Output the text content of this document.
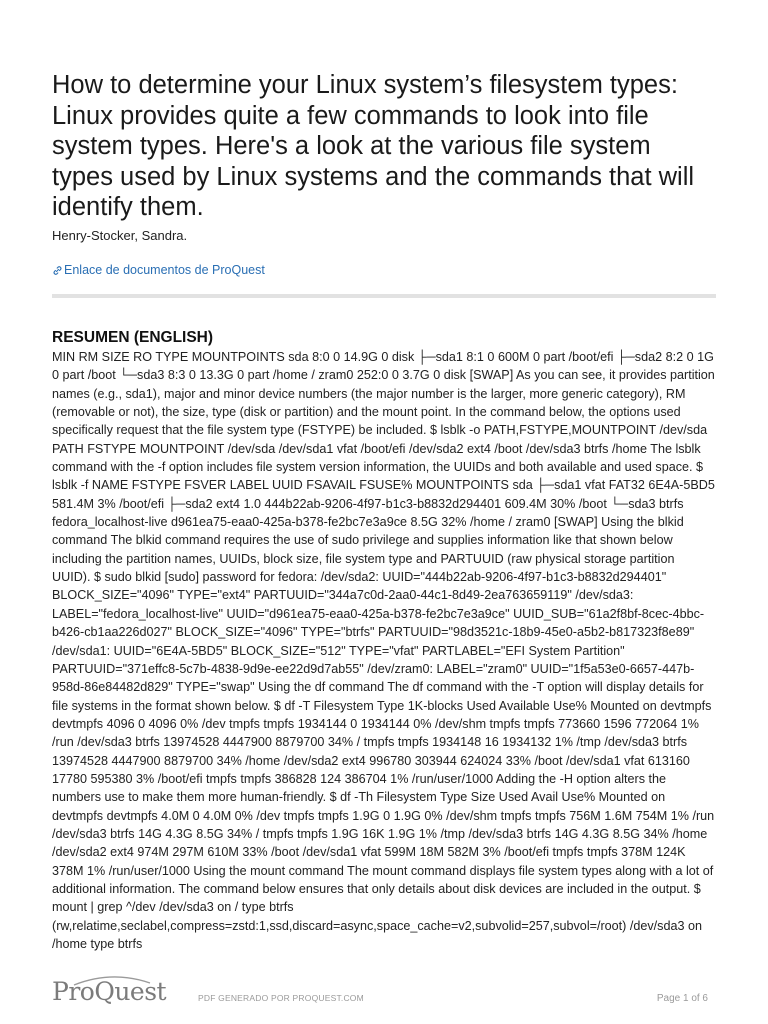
How to determine your Linux system’s filesystem types: Linux provides quite a few commands to look into file system types. Here's a look at the various file system types used by Linux systems and the commands that will identify them.
Henry-Stocker, Sandra.
Enlace de documentos de ProQuest
RESUMEN (ENGLISH)

MIN RM SIZE RO TYPE MOUNTPOINTS sda 8:0 0 14.9G 0 disk ├─sda1 8:1 0 600M 0 part /boot/efi ├─sda2 8:2 0 1G 0 part /boot └─sda3 8:3 0 13.3G 0 part /home / zram0 252:0 0 3.7G 0 disk [SWAP] As you can see, it provides partition names (e.g., sda1), major and minor device numbers (the major number is the larger, more generic category), RM (removable or not), the size, type (disk or partition) and the mount point. In the command below, the options used specifically request that the file system type (FSTYPE) be included. $ lsblk -o PATH,FSTYPE,MOUNTPOINT /dev/sda PATH FSTYPE MOUNTPOINT /dev/sda /dev/sda1 vfat /boot/efi /dev/sda2 ext4 /boot /dev/sda3 btrfs /home The lsblk command with the -f option includes file system version information, the UUIDs and both available and used space. $ lsblk -f NAME FSTYPE FSVER LABEL UUID FSAVAIL FSUSE% MOUNTPOINTS sda ├─sda1 vfat FAT32 6E4A-5BD5 581.4M 3% /boot/efi ├─sda2 ext4 1.0 444b22ab-9206-4f97-b1c3-b8832d294401 609.4M 30% /boot └─sda3 btrfs fedora_localhost-live d961ea75-eaa0-425a-b378-fe2bc7e3a9ce 8.5G 32% /home / zram0 [SWAP] Using the blkid command The blkid command requires the use of sudo privilege and supplies information like that shown below including the partition names, UUIDs, block size, file system type and PARTUUID (raw physical storage partition UUID). $ sudo blkid [sudo] password for fedora: /dev/sda2: UUID="444b22ab-9206-4f97-b1c3-b8832d294401" BLOCK_SIZE="4096" TYPE="ext4" PARTUUID="344a7c0d-2aa0-44c1-8d49-2ea763659119" /dev/sda3: LABEL="fedora_localhost-live" UUID="d961ea75-eaa0-425a-b378-fe2bc7e3a9ce" UUID_SUB="61a2f8bf-8cec-4bbc-b426-cb1aa226d027" BLOCK_SIZE="4096" TYPE="btrfs" PARTUUID="98d3521c-18b9-45e0-a5b2-b817323f8e89" /dev/sda1: UUID="6E4A-5BD5" BLOCK_SIZE="512" TYPE="vfat" PARTLABEL="EFI System Partition" PARTUUID="371effc8-5c7b-4838-9d9e-ee22d9d7ab55" /dev/zram0: LABEL="zram0" UUID="1f5a53e0-6657-447b-958d-86e84482d829" TYPE="swap" Using the df command The df command with the -T option will display details for file systems in the format shown below. $ df -T Filesystem Type 1K-blocks Used Available Use% Mounted on devtmpfs devtmpfs 4096 0 4096 0% /dev tmpfs tmpfs 1934144 0 1934144 0% /dev/shm tmpfs tmpfs 773660 1596 772064 1% /run /dev/sda3 btrfs 13974528 4447900 8879700 34% / tmpfs tmpfs 1934148 16 1934132 1% /tmp /dev/sda3 btrfs 13974528 4447900 8879700 34% /home /dev/sda2 ext4 996780 303944 624024 33% /boot /dev/sda1 vfat 613160 17780 595380 3% /boot/efi tmpfs tmpfs 386828 124 386704 1% /run/user/1000 Adding the -H option alters the numbers use to make them more human-friendly. $ df -Th Filesystem Type Size Used Avail Use% Mounted on devtmpfs devtmpfs 4.0M 0 4.0M 0% /dev tmpfs tmpfs 1.9G 0 1.9G 0% /dev/shm tmpfs tmpfs 756M 1.6M 754M 1% /run /dev/sda3 btrfs 14G 4.3G 8.5G 34% / tmpfs tmpfs 1.9G 16K 1.9G 1% /tmp /dev/sda3 btrfs 14G 4.3G 8.5G 34% /home /dev/sda2 ext4 974M 297M 610M 33% /boot /dev/sda1 vfat 599M 18M 582M 3% /boot/efi tmpfs tmpfs 378M 124K 378M 1% /run/user/1000 Using the mount command The mount command displays file system types along with a lot of additional information. The command below ensures that only details about disk devices are included in the output. $ mount | grep ^/dev /dev/sda3 on / type btrfs (rw,relatime,seclabel,compress=zstd:1,ssd,discard=async,space_cache=v2,subvolid=257,subvol=/root) /dev/sda3 on /home type btrfs

ProQuest	PDF GENERADO POR PROQUEST.COM	Page 1 of 6
